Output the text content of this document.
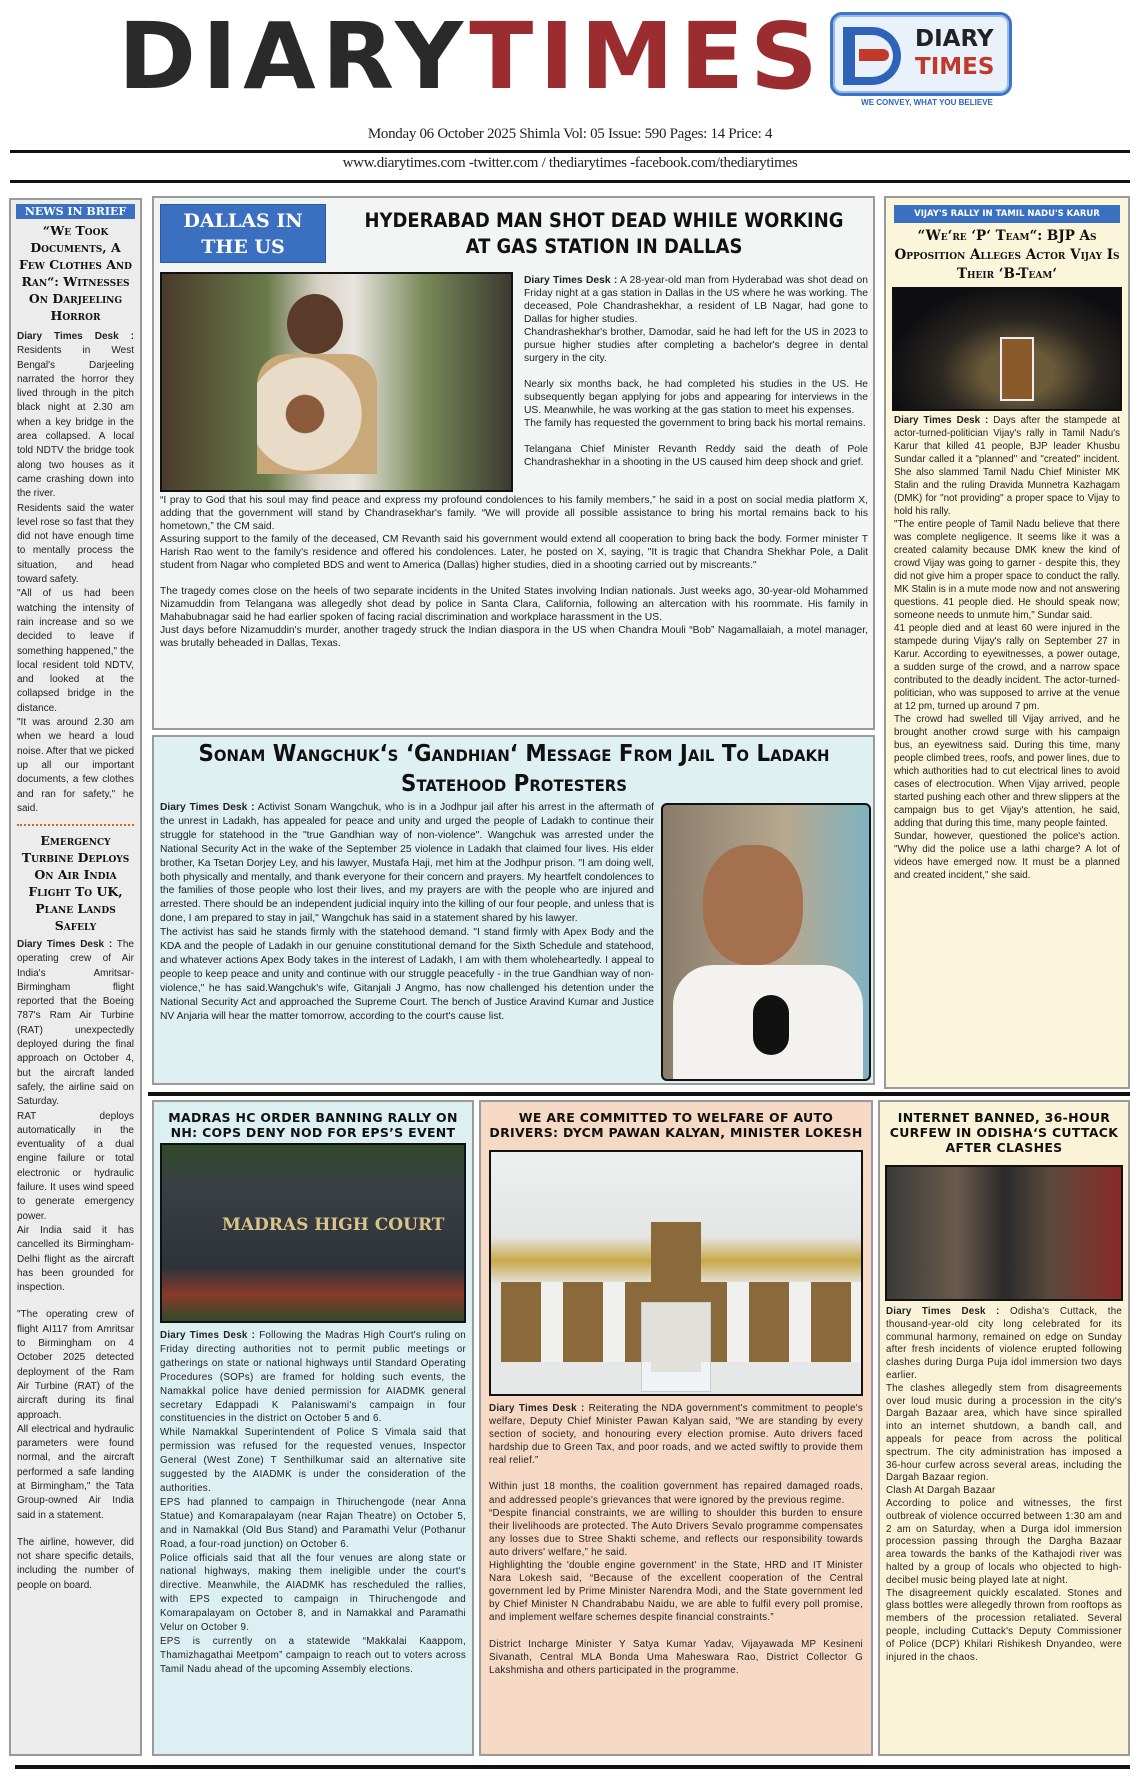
DIARYTIMES	DIARY
TIMES
WE CONVEY, WHAT YOU BELIEVE
Monday 06 October 2025 Shimla Vol: 05 Issue: 590 Pages: 14 Price: 4
www.diarytimes.com -twitter.com / thediarytimes -facebook.com/thediarytimes
NEWS IN BRIEF
“We Took Documents, A Few Clothes And Ran“: Witnesses On Darjeeling Horror

Diary Times Desk : Residents in West Bengal's Darjeeling narrated the horror they lived through in the pitch black night at 2.30 am when a key bridge in the area collapsed. A local told NDTV the bridge took along two houses as it came crashing down into the river.

Residents said the water level rose so fast that they did not have enough time to mentally process the situation, and head toward safety.

"All of us had been watching the intensity of rain increase and so we decided to leave if something happened," the local resident told NDTV, and looked at the collapsed bridge in the distance.

"It was around 2.30 am when we heard a loud noise. After that we picked up all our important documents, a few clothes and ran for safety," he said.

Emergency Turbine Deploys On Air India Flight To UK, Plane Lands Safely

Diary Times Desk : The operating crew of Air India's Amritsar-Birmingham flight reported that the Boeing 787's Ram Air Turbine (RAT) unexpectedly deployed during the final approach on October 4, but the aircraft landed safely, the airline said on Saturday.

RAT deploys automatically in the eventuality of a dual engine failure or total electronic or hydraulic failure. It uses wind speed to generate emergency power.

Air India said it has cancelled its Birmingham-Delhi flight as the aircraft has been grounded for inspection.

"The operating crew of flight AI117 from Amritsar to Birmingham on 4 October 2025 detected deployment of the Ram Air Turbine (RAT) of the aircraft during its final approach.

All electrical and hydraulic parameters were found normal, and the aircraft performed a safe landing at Birmingham," the Tata Group-owned Air India said in a statement.

The airline, however, did not share specific details, including the number of people on board.

DALLAS IN THE US
HYDERABAD MAN SHOT DEAD WHILE WORKING AT GAS STATION IN DALLAS

Diary Times Desk : A 28-year-old man from Hyderabad was shot dead on Friday night at a gas station in Dallas in the US where he was working. The deceased, Pole Chandrashekhar, a resident of LB Nagar, had gone to Dallas for higher studies.

Chandrashekhar's brother, Damodar, said he had left for the US in 2023 to pursue higher studies after completing a bachelor's degree in dental surgery in the city.

Nearly six months back, he had completed his studies in the US. He subsequently began applying for jobs and appearing for interviews in the US. Meanwhile, he was working at the gas station to meet his expenses.

The family has requested the government to bring back his mortal remains.

Telangana Chief Minister Revanth Reddy said the death of Pole Chandrashekhar in a shooting in the US caused him deep shock and grief.

“I pray to God that his soul may find peace and express my profound condolences to his family members,” he said in a post on social media platform X, adding that the government will stand by Chandrasekhar's family. “We will provide all possible assistance to bring his mortal remains back to his hometown,” the CM said.

Assuring support to the family of the deceased, CM Revanth said his government would extend all cooperation to bring back the body. Former minister T Harish Rao went to the family's residence and offered his condolences. Later, he posted on X, saying, "It is tragic that Chandra Shekhar Pole, a Dalit student from Nagar who completed BDS and went to America (Dallas) higher studies, died in a shooting carried out by miscreants."

The tragedy comes close on the heels of two separate incidents in the United States involving Indian nationals. Just weeks ago, 30-year-old Mohammed Nizamuddin from Telangana was allegedly shot dead by police in Santa Clara, California, following an altercation with his roommate. His family in Mahabubnagar said he had earlier spoken of facing racial discrimination and workplace harassment in the US.

Just days before Nizamuddin's murder, another tragedy struck the Indian diaspora in the US when Chandra Mouli “Bob” Nagamallaiah, a motel manager, was brutally beheaded in Dallas, Texas.

Sonam Wangchuk‘s ‘Gandhian‘ Message From Jail To Ladakh Statehood Protesters

Diary Times Desk : Activist Sonam Wangchuk, who is in a Jodhpur jail after his arrest in the aftermath of the unrest in Ladakh, has appealed for peace and unity and urged the people of Ladakh to continue their struggle for statehood in the "true Gandhian way of non-violence". Wangchuk was arrested under the National Security Act in the wake of the September 25 violence in Ladakh that claimed four lives. His elder brother, Ka Tsetan Dorjey Ley, and his lawyer, Mustafa Haji, met him at the Jodhpur prison. "I am doing well, both physically and mentally, and thank everyone for their concern and prayers. My heartfelt condolences to the families of those people who lost their lives, and my prayers are with the people who are injured and arrested. There should be an independent judicial inquiry into the killing of our four people, and unless that is done, I am prepared to stay in jail," Wangchuk has said in a statement shared by his lawyer.

The activist has said he stands firmly with the statehood demand. "I stand firmly with Apex Body and the KDA and the people of Ladakh in our genuine constitutional demand for the Sixth Schedule and statehood, and whatever actions Apex Body takes in the interest of Ladakh, I am with them wholeheartedly. I appeal to people to keep peace and unity and continue with our struggle peacefully - in the true Gandhian way of non-violence," he has said.Wangchuk's wife, Gitanjali J Angmo, has now challenged his detention under the National Security Act and approached the Supreme Court. The bench of Justice Aravind Kumar and Justice NV Anjaria will hear the matter tomorrow, according to the court's cause list.

VIJAY'S RALLY IN TAMIL NADU'S KARUR
“We‘re ‘P‘ Team“: BJP As Opposition Alleges Actor Vijay Is Their ‘B-Team‘

Diary Times Desk : Days after the stampede at actor-turned-politician Vijay's rally in Tamil Nadu's Karur that killed 41 people, BJP leader Khusbu Sundar called it a "planned" and "created" incident. She also slammed Tamil Nadu Chief Minister MK Stalin and the ruling Dravida Munnetra Kazhagam (DMK) for "not providing" a proper space to Vijay to hold his rally.

"The entire people of Tamil Nadu believe that there was complete negligence. It seems like it was a created calamity because DMK knew the kind of crowd Vijay was going to garner - despite this, they did not give him a proper space to conduct the rally. MK Stalin is in a mute mode now and not answering questions. 41 people died. He should speak now; someone needs to unmute him," Sundar said.

41 people died and at least 60 were injured in the stampede during Vijay's rally on September 27 in Karur. According to eyewitnesses, a power outage, a sudden surge of the crowd, and a narrow space contributed to the deadly incident. The actor-turned-politician, who was supposed to arrive at the venue at 12 pm, turned up around 7 pm.

The crowd had swelled till Vijay arrived, and he brought another crowd surge with his campaign bus, an eyewitness said. During this time, many people climbed trees, roofs, and power lines, due to which authorities had to cut electrical lines to avoid cases of electrocution. When Vijay arrived, people started pushing each other and threw slippers at the campaign bus to get Vijay's attention, he said, adding that during this time, many people fainted.

Sundar, however, questioned the police's action. "Why did the police use a lathi charge? A lot of videos have emerged now. It must be a planned and created incident," she said.

MADRAS HC ORDER BANNING RALLY ON NH: COPS DENY NOD FOR EPS’S EVENT
MADRAS HIGH COURT

Diary Times Desk : Following the Madras High Court's ruling on Friday directing authorities not to permit public meetings or gatherings on state or national highways until Standard Operating Procedures (SOPs) are framed for holding such events, the Namakkal police have denied permission for AIADMK general secretary Edappadi K Palaniswami's campaign in four constituencies in the district on October 5 and 6.

While Namakkal Superintendent of Police S Vimala said that permission was refused for the requested venues, Inspector General (West Zone) T Senthilkumar said an alternative site suggested by the AIADMK is under the consideration of the authorities.

EPS had planned to campaign in Thiruchengode (near Anna Statue) and Komarapalayam (near Rajan Theatre) on October 5, and in Namakkal (Old Bus Stand) and Paramathi Velur (Pothanur Road, a four-road junction) on October 6.

Police officials said that all the four venues are along state or national highways, making them ineligible under the court's directive. Meanwhile, the AIADMK has rescheduled the rallies, with EPS expected to campaign in Thiruchengode and Komarapalayam on October 8, and in Namakkal and Paramathi Velur on October 9.

EPS is currently on a statewide “Makkalai Kaappom, Thamizhagathai Meetpom” campaign to reach out to voters across Tamil Nadu ahead of the upcoming Assembly elections.

WE ARE COMMITTED TO WELFARE OF AUTO DRIVERS: DYCM PAWAN KALYAN, MINISTER LOKESH

Diary Times Desk : Reiterating the NDA government's commitment to people's welfare, Deputy Chief Minister Pawan Kalyan said, “We are standing by every section of society, and honouring every election promise. Auto drivers faced hardship due to Green Tax, and poor roads, and we acted swiftly to provide them real relief.”

Within just 18 months, the coalition government has repaired damaged roads, and addressed people's grievances that were ignored by the previous regime.

“Despite financial constraints, we are willing to shoulder this burden to ensure their livelihoods are protected. The Auto Drivers Sevalo programme compensates any losses due to Stree Shakti scheme, and reflects our responsibility towards auto drivers' welfare,” he said.

Highlighting the 'double engine government' in the State, HRD and IT Minister Nara Lokesh said, “Because of the excellent cooperation of the Central government led by Prime Minister Narendra Modi, and the State government led by Chief Minister N Chandrababu Naidu, we are able to fulfil every poll promise, and implement welfare schemes despite financial constraints.”

District Incharge Minister Y Satya Kumar Yadav, Vijayawada MP Kesineni Sivanath, Central MLA Bonda Uma Maheswara Rao, District Collector G Lakshmisha and others participated in the programme.

INTERNET BANNED, 36-HOUR CURFEW IN ODISHA‘S CUTTACK AFTER CLASHES

Diary Times Desk : Odisha's Cuttack, the thousand-year-old city long celebrated for its communal harmony, remained on edge on Sunday after fresh incidents of violence erupted following clashes during Durga Puja idol immersion two days earlier.

The clashes allegedly stem from disagreements over loud music during a procession in the city's Dargah Bazaar area, which have since spiralled into an internet shutdown, a bandh call, and appeals for peace from across the political spectrum. The city administration has imposed a 36-hour curfew across several areas, including the Dargah Bazaar region.

Clash At Dargah Bazaar

According to police and witnesses, the first outbreak of violence occurred between 1:30 am and 2 am on Saturday, when a Durga idol immersion procession passing through the Dargha Bazaar area towards the banks of the Kathajodi river was halted by a group of locals who objected to high-decibel music being played late at night.

The disagreement quickly escalated. Stones and glass bottles were allegedly thrown from rooftops as members of the procession retaliated. Several people, including Cuttack's Deputy Commissioner of Police (DCP) Khilari Rishikesh Dnyandeo, were injured in the chaos.
